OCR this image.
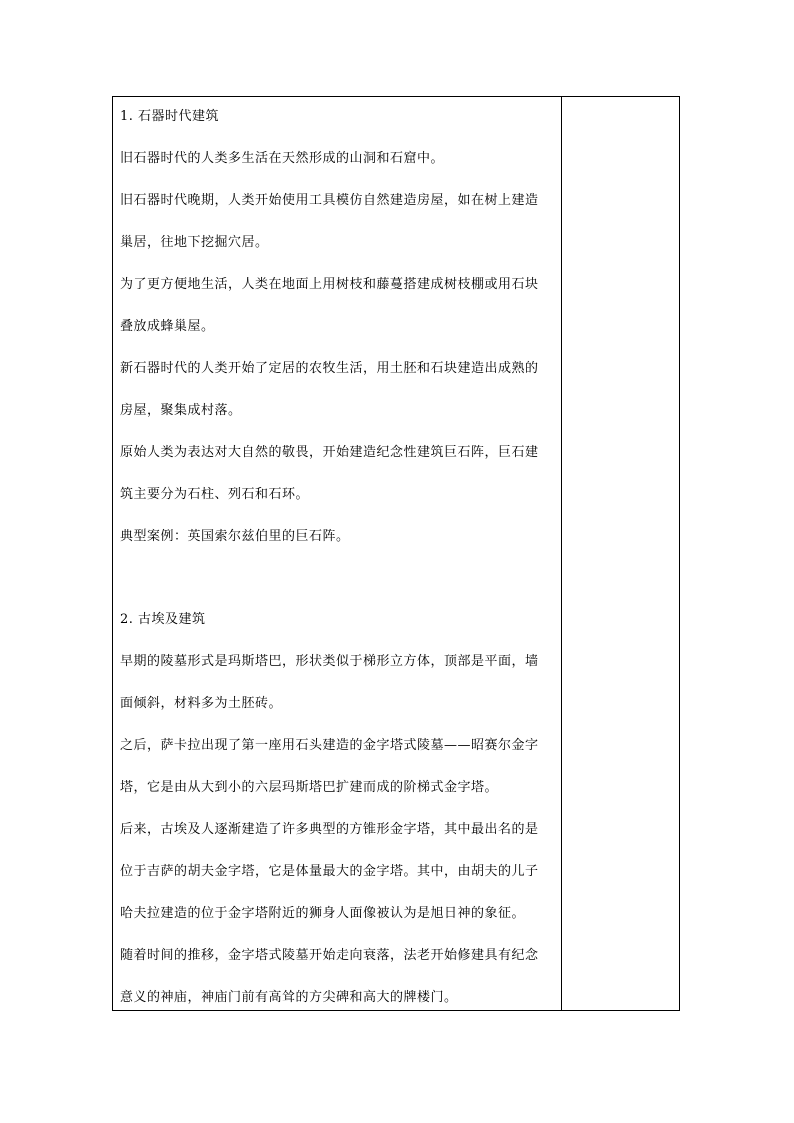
1. 石器时代建筑
旧石器时代的人类多生活在天然形成的山洞和石窟中。
旧石器时代晚期，人类开始使用工具模仿自然建造房屋，如在树上建造
巢居，往地下挖掘穴居。
为了更方便地生活，人类在地面上用树枝和藤蔓搭建成树枝棚或用石块
叠放成蜂巢屋。
新石器时代的人类开始了定居的农牧生活，用土胚和石块建造出成熟的
房屋，聚集成村落。
原始人类为表达对大自然的敬畏，开始建造纪念性建筑巨石阵，巨石建
筑主要分为石柱、列石和石环。
典型案例：英国索尔兹伯里的巨石阵。
2. 古埃及建筑
早期的陵墓形式是玛斯塔巴，形状类似于梯形立方体，顶部是平面，墙
面倾斜，材料多为土胚砖。
之后，萨卡拉出现了第一座用石头建造的金字塔式陵墓——昭赛尔金字
塔，它是由从大到小的六层玛斯塔巴扩建而成的阶梯式金字塔。
后来，古埃及人逐渐建造了许多典型的方锥形金字塔，其中最出名的是
位于吉萨的胡夫金字塔，它是体量最大的金字塔。其中，由胡夫的儿子
哈夫拉建造的位于金字塔附近的狮身人面像被认为是旭日神的象征。
随着时间的推移，金字塔式陵墓开始走向衰落，法老开始修建具有纪念
意义的神庙，神庙门前有高耸的方尖碑和高大的牌楼门。
